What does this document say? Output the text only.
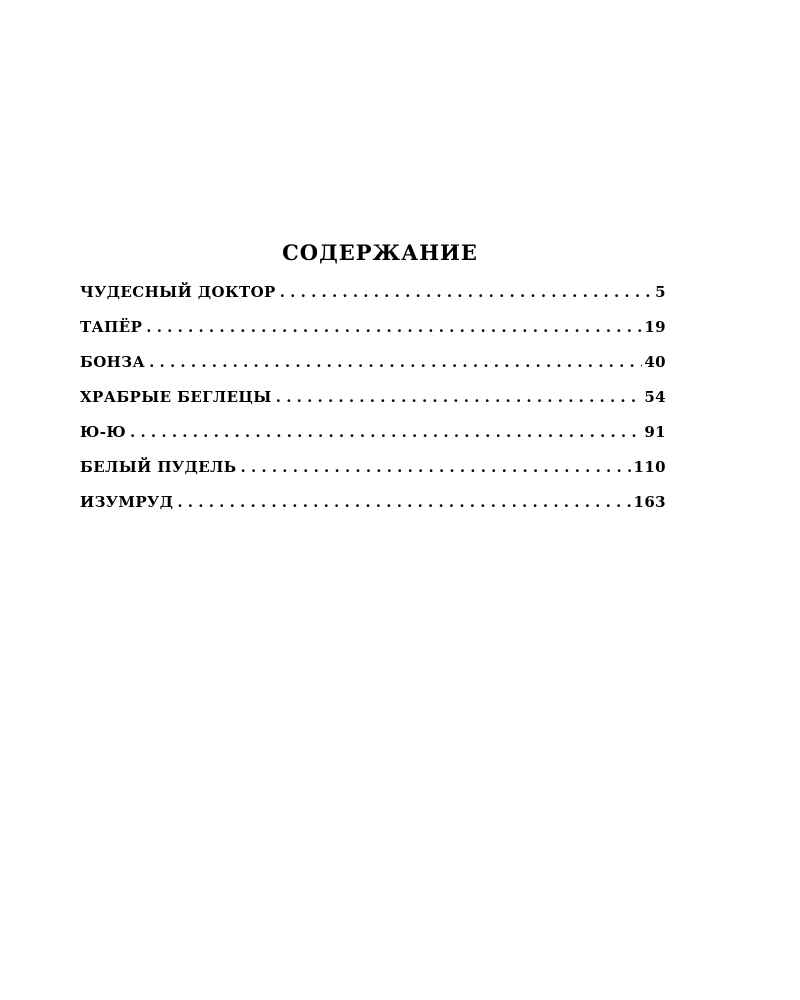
СОДЕРЖАНИЕ
ЧУДЕСНЫЙ ДОКТОР . . .	5
ТАПЁР . . .	19
БОНЗА . . .	40
ХРАБРЫЕ БЕГЛЕЦЫ . . .	54
Ю-Ю . . .	91
БЕЛЫЙ ПУДЕЛЬ . . .	110
ИЗУМРУД . . .	163
